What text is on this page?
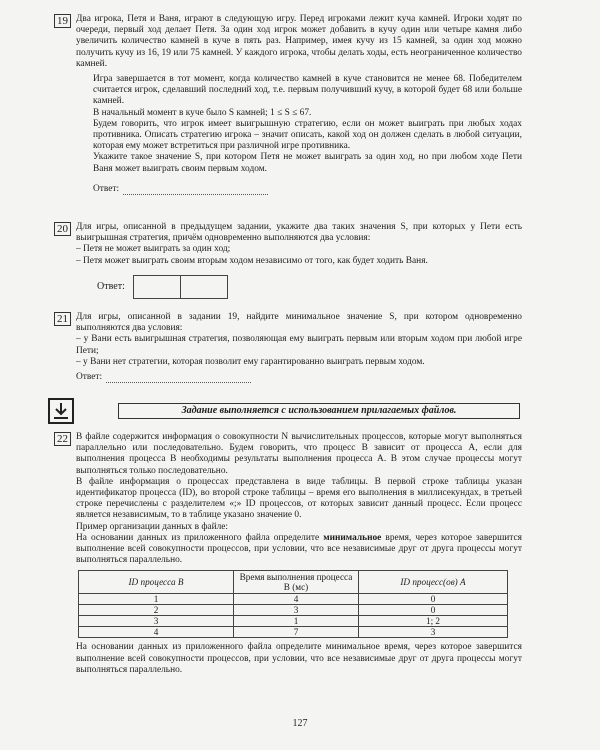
19 Два игрока, Петя и Ваня, играют в следующую игру. Перед игроками лежит куча камней. Игроки ходят по очереди, первый ход делает Петя. За один ход игрок может добавить в кучу один или четыре камня либо увеличить количество камней в куче в пять раз. Например, имея кучу из 15 камней, за один ход можно получить кучу из 16, 19 или 75 камней. У каждого игрока, чтобы делать ходы, есть неограниченное количество камней.

Игра завершается в тот момент, когда количество камней в куче становится не менее 68. Победителем считается игрок, сделавший последний ход, т.е. первым получивший кучу, в которой будет 68 или больше камней.

В начальный момент в куче было S камней; 1 ≤ S ≤ 67.

Будем говорить, что игрок имеет выигрышную стратегию, если он может выиграть при любых ходах противника. Описать стратегию игрока – значит описать, какой ход он должен сделать в любой ситуации, которая ему может встретиться при различной игре противника.

Укажите такое значение S, при котором Петя не может выиграть за один ход, но при любом ходе Пети Ваня может выиграть своим первым ходом.

Ответ:
20 Для игры, описанной в предыдущем задании, укажите два таких значения S, при которых у Пети есть выигрышная стратегия, причём одновременно выполняются два условия:

– Петя не может выиграть за один ход;

– Петя может выиграть своим вторым ходом независимо от того, как будет ходить Ваня.

Ответ:
21 Для игры, описанной в задании 19, найдите минимальное значение S, при котором одновременно выполняются два условия:

– у Вани есть выигрышная стратегия, позволяющая ему выиграть первым или вторым ходом при любой игре Пети;

– у Вани нет стратегии, которая позволит ему гарантированно выиграть первым ходом.

Ответ:
Задание выполняется с использованием прилагаемых файлов.
22 В файле содержится информация о совокупности N вычислительных процессов, которые могут выполняться параллельно или последовательно. Будем говорить, что процесс B зависит от процесса A, если для выполнения процесса B необходимы результаты выполнения процесса A. В этом случае процессы могут выполняться только последовательно.

В файле информация о процессах представлена в виде таблицы. В первой строке таблицы указан идентификатор процесса (ID), во второй строке таблицы – время его выполнения в миллисекундах, в третьей строке перечислены с разделителем «;» ID процессов, от которых зависит данный процесс. Если процесс является независимым, то в таблице указано значение 0.

Пример организации данных в файле:

На основании данных из приложенного файла определите минимальное время, через которое завершится выполнение всей совокупности процессов, при условии, что все независимые друг от друга процессы могут выполняться параллельно.

ID процесса B	Время выполнения процесса B (мс)	ID процесс(ов) A
1	4	0
2	3	0
3	1	1; 2
4	7	3

На основании данных из приложенного файла определите минимальное время, через которое завершится выполнение всей совокупности процессов, при условии, что все независимые друг от друга процессы могут выполняться параллельно.

127
